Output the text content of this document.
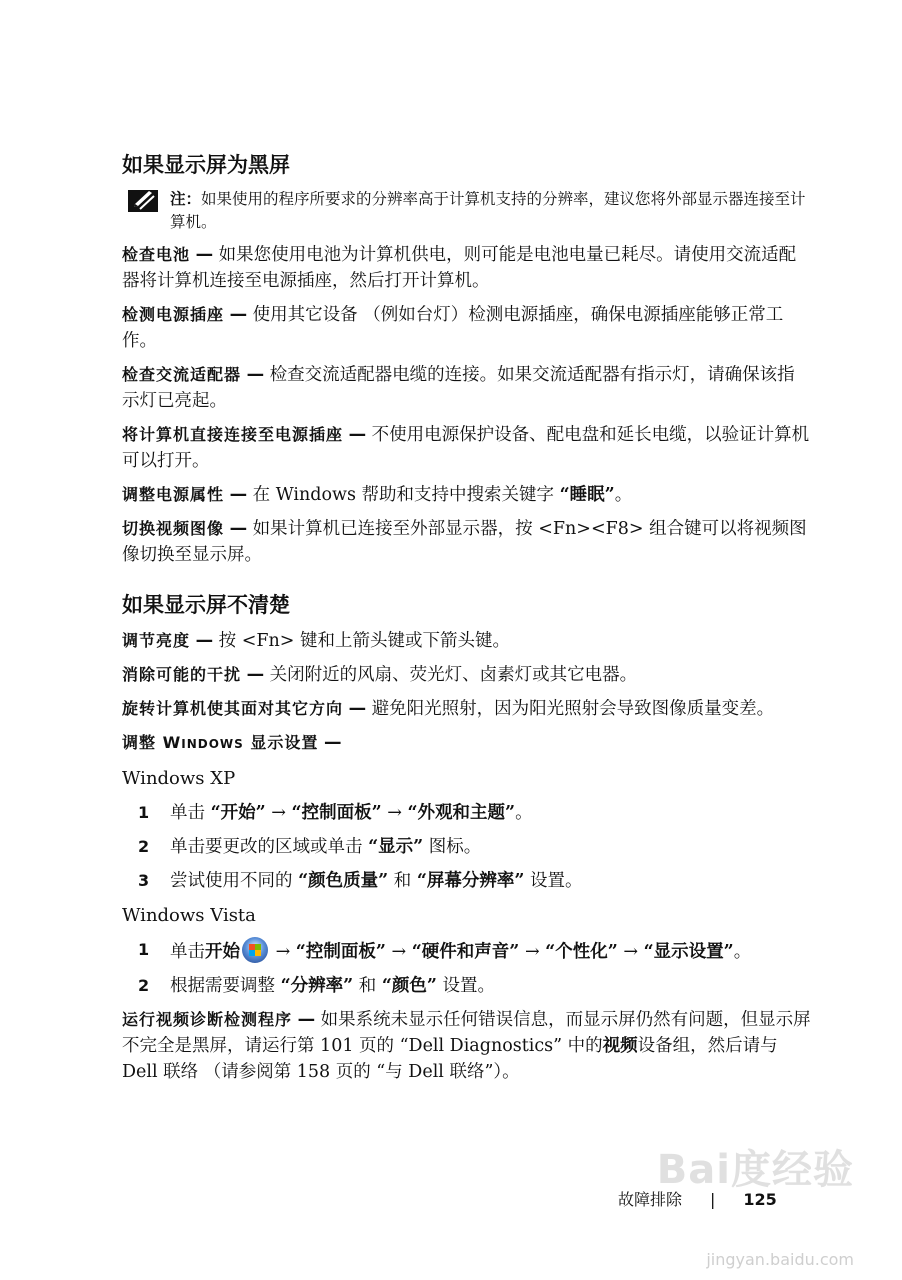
如果显示屏为黑屏
注：如果使用的程序所要求的分辨率高于计算机支持的分辨率，建议您将外部显示器连接至计算机。

检查电池 — 如果您使用电池为计算机供电，则可能是电池电量已耗尽。请使用交流适配器将计算机连接至电源插座，然后打开计算机。

检测电源插座 — 使用其它设备 （例如台灯）检测电源插座，确保电源插座能够正常工作。

检查交流适配器 — 检查交流适配器电缆的连接。如果交流适配器有指示灯，请确保该指示灯已亮起。

将计算机直接连接至电源插座 — 不使用电源保护设备、配电盘和延长电缆，以验证计算机可以打开。

调整电源属性 — 在 Windows 帮助和支持中搜索关键字 “睡眠”。

切换视频图像 — 如果计算机已连接至外部显示器，按 <Fn><F8> 组合键可以将视频图像切换至显示屏。

如果显示屏不清楚

调节亮度 — 按 <Fn> 键和上箭头键或下箭头键。

消除可能的干扰 — 关闭附近的风扇、荧光灯、卤素灯或其它电器。

旋转计算机使其面对其它方向 — 避免阳光照射，因为阳光照射会导致图像质量变差。

调整 WINDOWS 显示设置 —

Windows XP

1 单击 “开始” → “控制面板” → “外观和主题”。
2 单击要更改的区域或单击 “显示” 图标。
3 尝试使用不同的 “颜色质量” 和 “屏幕分辨率” 设置。

Windows Vista

1 单击开始
→ “控制面板” → “硬件和声音” → “个性化” → “显示设置”。
2 根据需要调整 “分辨率” 和 “颜色” 设置。

运行视频诊断检测程序 — 如果系统未显示任何错误信息，而显示屏仍然有问题，但显示屏不完全是黑屏，请运行第 101 页的 “Dell Diagnostics” 中的视频设备组，然后请与 Dell 联络 （请参阅第 158 页的 “与 Dell 联络”）。

Bai度经验
jingyan.baidu.com
故障排除 | 125
